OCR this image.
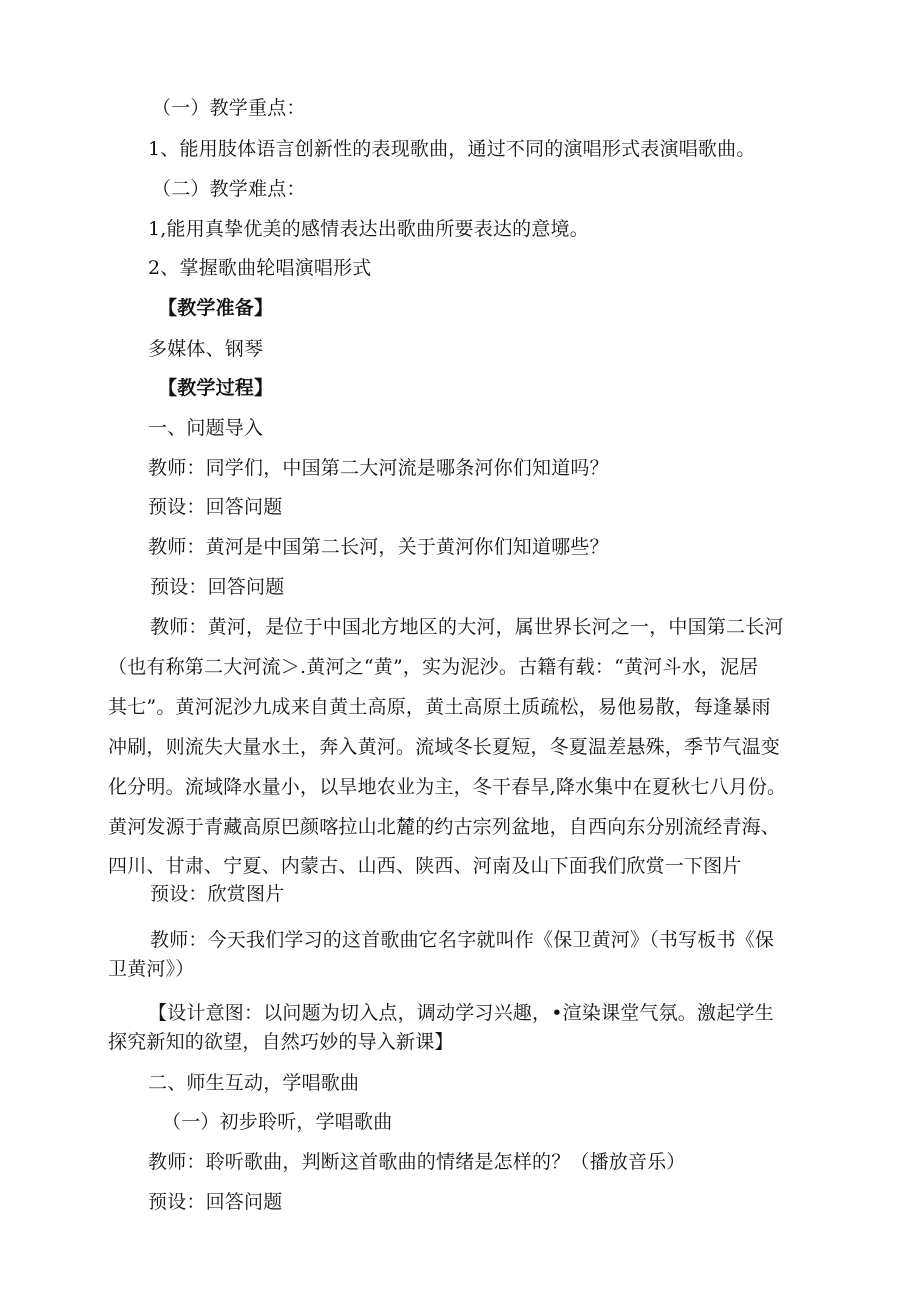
（一）教学重点：
1、能用肢体语言创新性的表现歌曲，通过不同的演唱形式表演唱歌曲。
（二）教学难点：
1,能用真挚优美的感情表达出歌曲所要表达的意境。
2、掌握歌曲轮唱演唱形式
【教学准备】
多媒体、钢琴
【教学过程】
一、问题导入
教师：同学们，中国第二大河流是哪条河你们知道吗？
预设：回答问题
教师：黄河是中国第二长河，关于黄河你们知道哪些？
预设：回答问题
教师：黄河，是位于中国北方地区的大河，属世界长河之一，中国第二长河
（也有称第二大河流＞.黄河之“黄”，实为泥沙。古籍有载：“黄河斗水，泥居
其七”。黄河泥沙九成来自黄土高原，黄土高原土质疏松，易他易散，每逢暴雨
冲刷，则流失大量水土，奔入黄河。流域冬长夏短，冬夏温差悬殊，季节气温变
化分明。流域降水量小，以旱地农业为主，冬干春旱,降水集中在夏秋七八月份。
黄河发源于青藏高原巴颜喀拉山北麓的约古宗列盆地，自西向东分别流经青海、
四川、甘肃、宁夏、内蒙古、山西、陕西、河南及山下面我们欣赏一下图片
预设：欣赏图片
教师：今天我们学习的这首歌曲它名字就叫作《保卫黄河》（书写板书《保
卫黄河》）
【设计意图：以问题为切入点，调动学习兴趣，•渲染课堂气氛。激起学生
探究新知的欲望，自然巧妙的导入新课】
二、师生互动，学唱歌曲
（一）初步聆听，学唱歌曲
教师：聆听歌曲，判断这首歌曲的情绪是怎样的？（播放音乐）
预设：回答问题
